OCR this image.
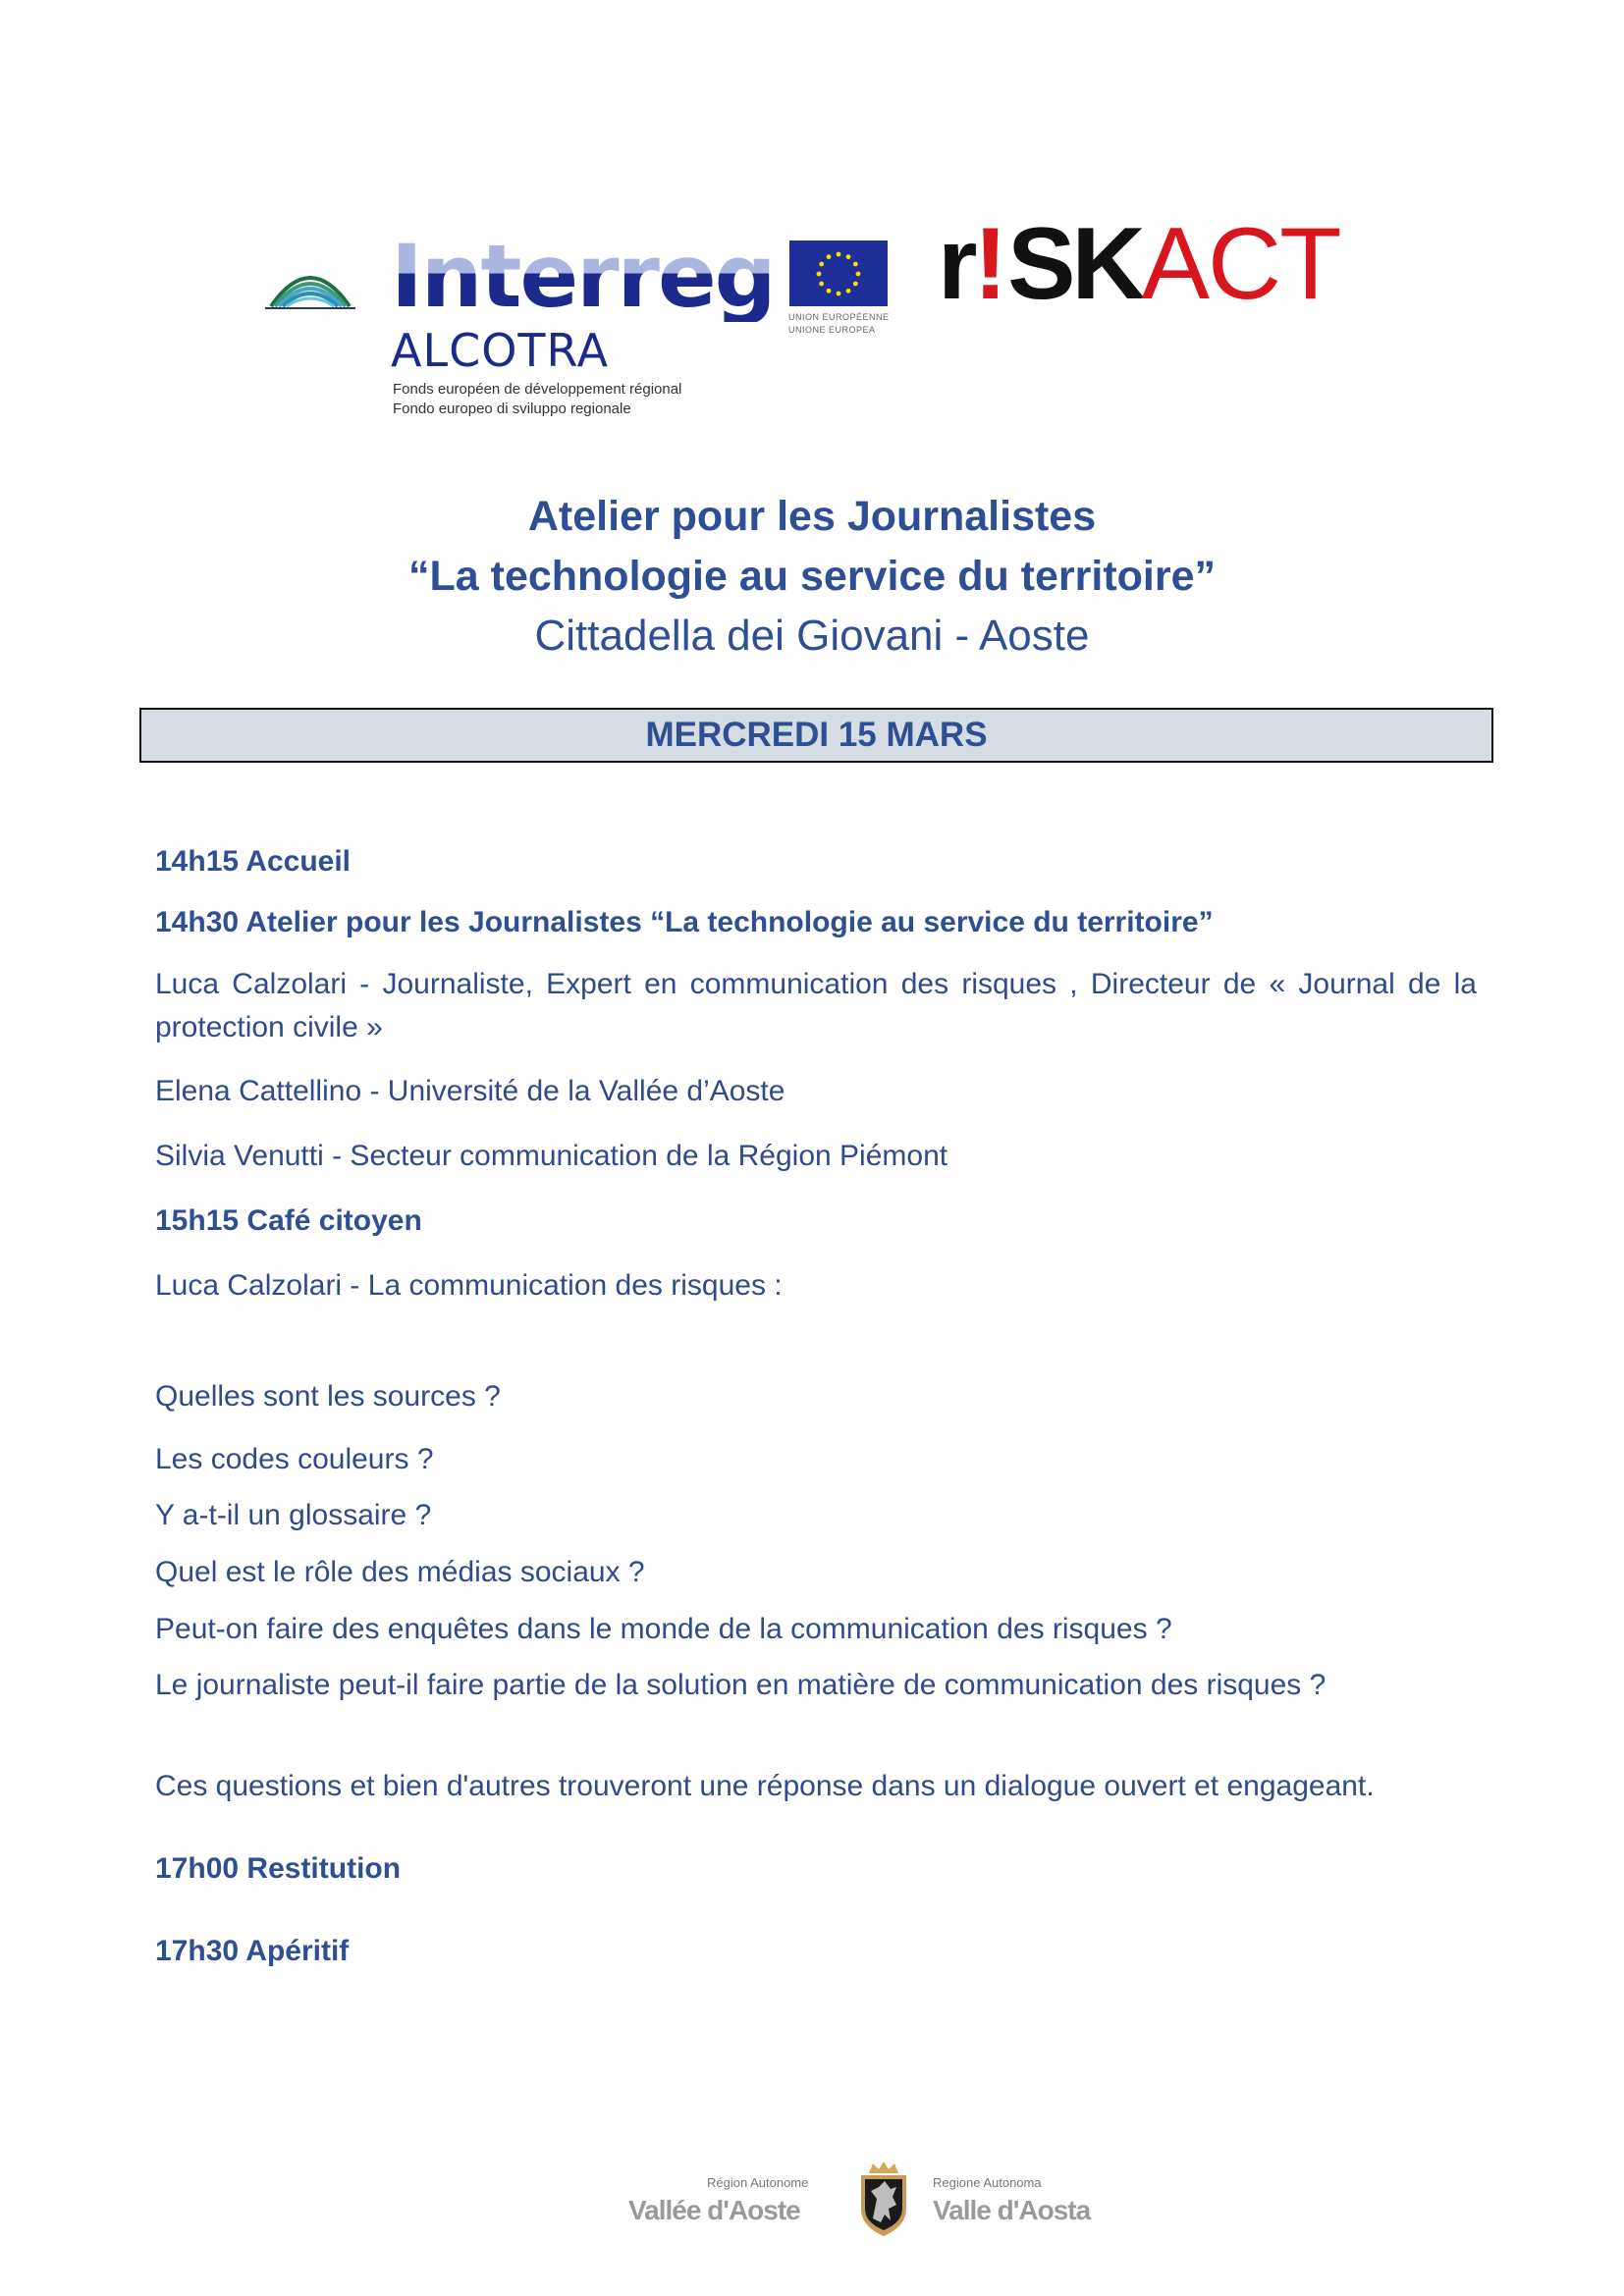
Interreg
ALCOTRA
Fonds européen de développement régional
Fondo europeo di sviluppo regionale
UNION EUROPÉENNE
UNIONE EUROPEA
r!SKACT
Atelier pour les Journalistes
“La technologie au service du territoire”
Cittadella dei Giovani - Aoste
MERCREDI 15 MARS
14h15 Accueil
14h30 Atelier pour les Journalistes “La technologie au service du territoire”
Luca Calzolari - Journaliste, Expert en communication des risques , Directeur de « Journal de la protection civile »
Elena Cattellino - Université de la Vallée d’Aoste
Silvia Venutti - Secteur communication de la Région Piémont
15h15 Café citoyen
Luca Calzolari - La communication des risques :
Quelles sont les sources ?
Les codes couleurs ?
Y a-t-il un glossaire ?
Quel est le rôle des médias sociaux ?
Peut-on faire des enquêtes dans le monde de la communication des risques ?
Le journaliste peut-il faire partie de la solution en matière de communication des risques ?
Ces questions et bien d'autres trouveront une réponse dans un dialogue ouvert et engageant.
17h00 Restitution
17h30 Apéritif
Région Autonome
Vallée d'Aoste
Regione Autonoma
Valle d'Aosta
